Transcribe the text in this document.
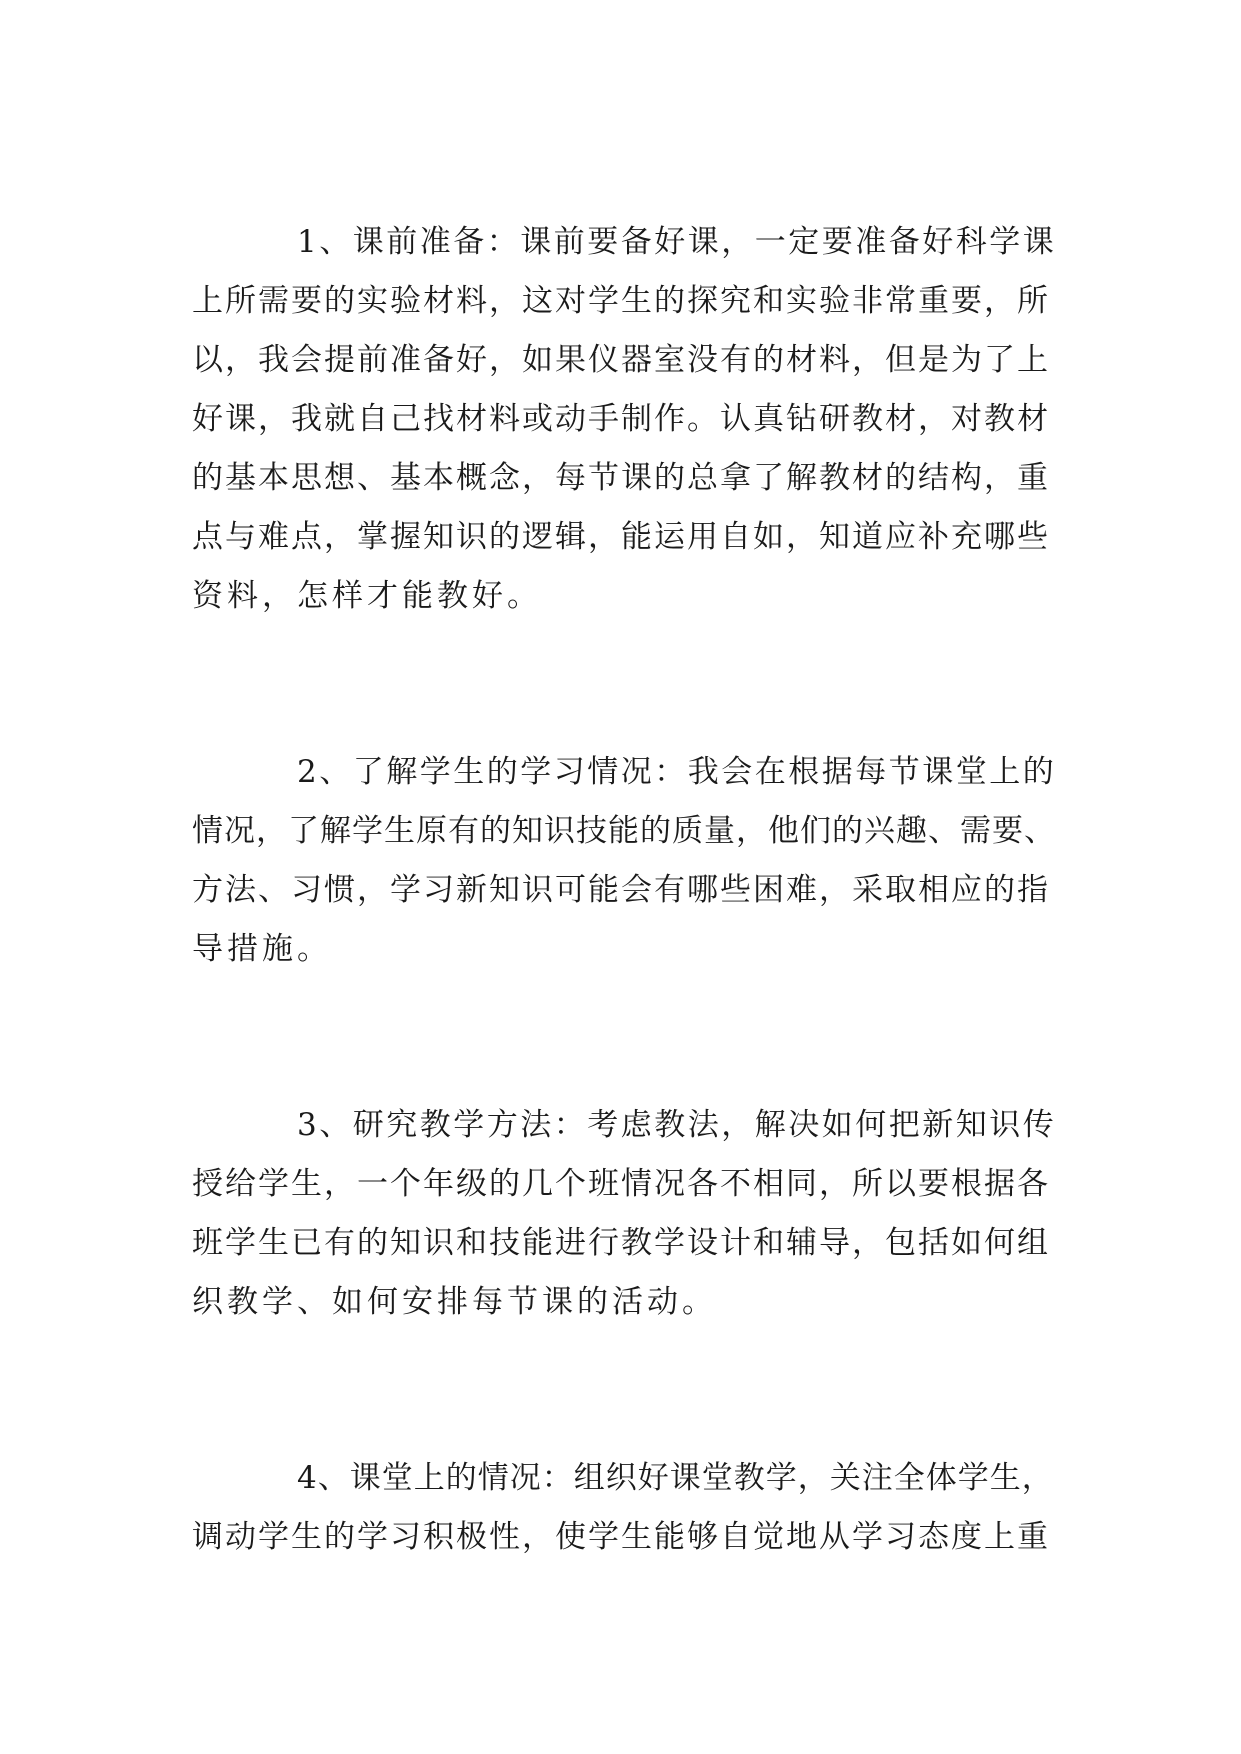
1、课前准备：课前要备好课，一定要准备好科学课
上所需要的实验材料，这对学生的探究和实验非常重要，所
以，我会提前准备好，如果仪器室没有的材料，但是为了上
好课，我就自己找材料或动手制作。认真钻研教材，对教材
的基本思想、基本概念，每节课的总拿了解教材的结构，重
点与难点，掌握知识的逻辑，能运用自如，知道应补充哪些
资料，怎样才能教好。
2、了解学生的学习情况：我会在根据每节课堂上的
情况，了解学生原有的知识技能的质量，他们的兴趣、需要、
方法、习惯，学习新知识可能会有哪些困难，采取相应的指
导措施。
3、研究教学方法：考虑教法，解决如何把新知识传
授给学生，一个年级的几个班情况各不相同，所以要根据各
班学生已有的知识和技能进行教学设计和辅导，包括如何组
织教学、如何安排每节课的活动。
4、课堂上的情况：组织好课堂教学，关注全体学生，
调动学生的学习积极性，使学生能够自觉地从学习态度上重
